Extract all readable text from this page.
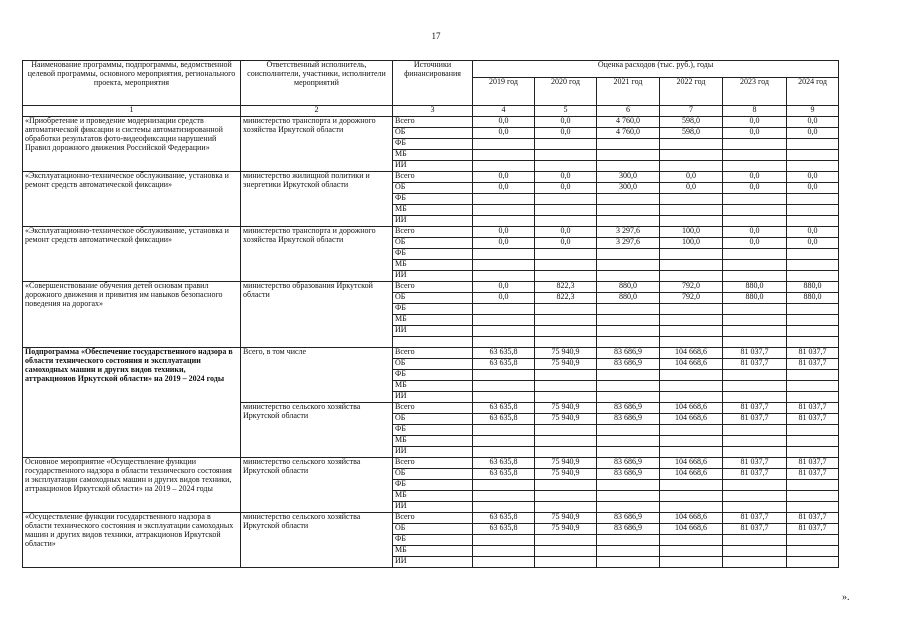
17
Наименование программы, подпрограммы, ведомственной целевой программы, основного мероприятия, регионального проекта, мероприятия	Ответственный исполнитель, соисполнители, участники, исполнители мероприятий	Источники финансирования	Оценка расходов (тыс. руб.), годы					
			2019 год	2020 год	2021 год	2022 год	2023 год	2024 год
1	2	3	4	5	6	7	8	9
«Приобретение и проведение модернизации средств автоматической фиксации и системы автоматизированной обработки результатов фото-видеофиксации нарушений Правил дорожного движения Российской Федерации»	министерство транспорта и дорожного хозяйства Иркутской области	Всего	0,0	0,0	4 760,0	598,0	0,0	0,0
		ОБ	0,0	0,0	4 760,0	598,0	0,0	0,0
		ФБ						
		МБ						
		ИИ						
«Эксплуатационно-техническое обслуживание, установка и ремонт средств автоматической фиксации»	министерство жилищной политики и энергетики Иркутской области	Всего	0,0	0,0	300,0	0,0	0,0	0,0
		ОБ	0,0	0,0	300,0	0,0	0,0	0,0
		ФБ						
		МБ						
		ИИ						
«Эксплуатационно-техническое обслуживание, установка и ремонт средств автоматической фиксации»	министерство транспорта и дорожного хозяйства Иркутской области	Всего	0,0	0,0	3 297,6	100,0	0,0	0,0
		ОБ	0,0	0,0	3 297,6	100,0	0,0	0,0
		ФБ						
		МБ						
		ИИ						
«Совершенствование обучения детей основам правил дорожного движения и привития им навыков безопасного поведения на дорогах»	министерство образования Иркутской области	Всего	0,0	822,3	880,0	792,0	880,0	880,0
		ОБ	0,0	822,3	880,0	792,0	880,0	880,0
		ФБ						
		МБ						
		ИИ						

Подпрограмма «Обеспечение государственного надзора в области технического состояния и эксплуатации самоходных машин и других видов техники, аттракционов Иркутской области» на 2019 – 2024 годы	Всего, в том числе	Всего	63 635,8	75 940,9	83 686,9	104 668,6	81 037,7	81 037,7
		ОБ	63 635,8	75 940,9	83 686,9	104 668,6	81 037,7	81 037,7
		ФБ						
		МБ						
		ИИ						
	министерство сельского хозяйства Иркутской области	Всего	63 635,8	75 940,9	83 686,9	104 668,6	81 037,7	81 037,7
		ОБ	63 635,8	75 940,9	83 686,9	104 668,6	81 037,7	81 037,7
		ФБ						
		МБ						
		ИИ						
Основное мероприятие «Осуществление функции государственного надзора в области технического состояния и эксплуатации самоходных машин и других видов техники, аттракционов Иркутской области» на 2019 – 2024 годы	министерство сельского хозяйства Иркутской области	Всего	63 635,8	75 940,9	83 686,9	104 668,6	81 037,7	81 037,7
		ОБ	63 635,8	75 940,9	83 686,9	104 668,6	81 037,7	81 037,7
		ФБ						
		МБ						
		ИИ						
«Осуществление функции государственного надзора в области технического состояния и эксплуатации самоходных машин и других видов техники, аттракционов Иркутской области»	министерство сельского хозяйства Иркутской области	Всего	63 635,8	75 940,9	83 686,9	104 668,6	81 037,7	81 037,7
		ОБ	63 635,8	75 940,9	83 686,9	104 668,6	81 037,7	81 037,7
		ФБ						
		МБ						
		ИИ						
».
